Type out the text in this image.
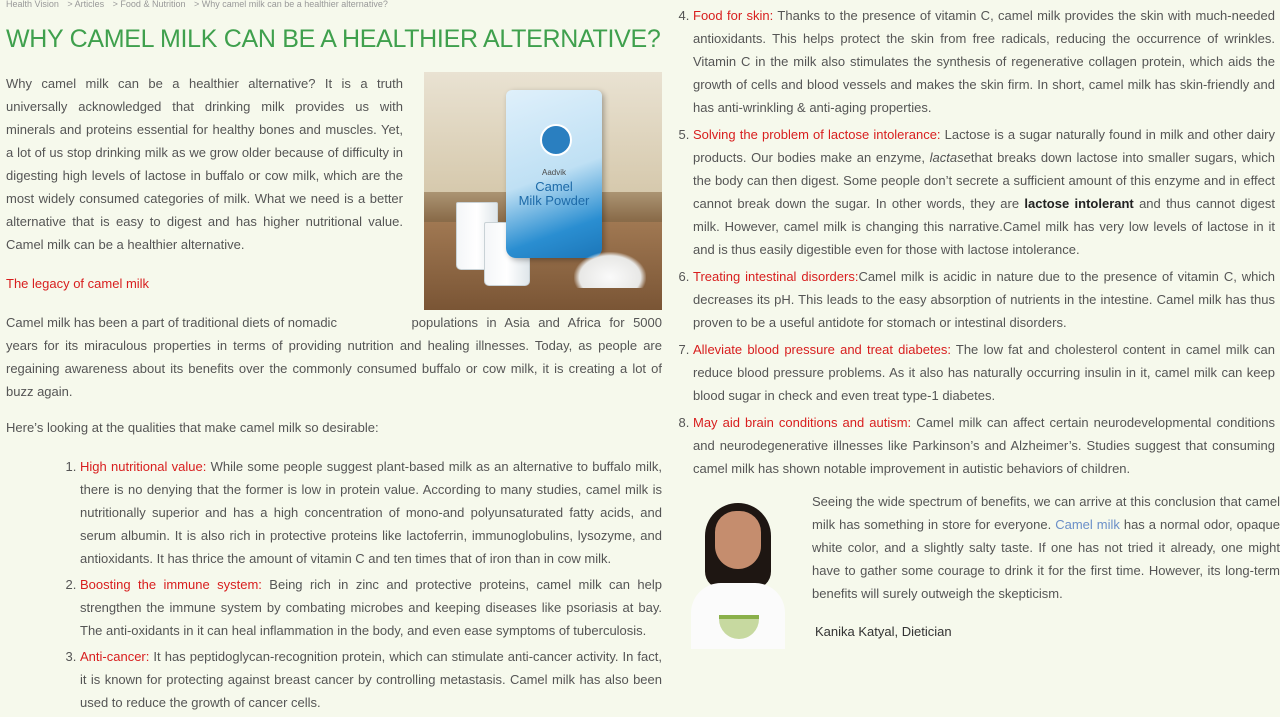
Health Vision > Articles > Food & Nutrition > Why camel milk can be a healthier alternative?
WHY CAMEL MILK CAN BE A HEALTHIER ALTERNATIVE?

Why camel milk can be a healthier alternative? It is a truth universally acknowledged that drinking milk provides us with minerals and proteins essential for healthy bones and muscles. Yet, a lot of us stop drinking milk as we grow older because of difficulty in digesting high levels of lactose in buffalo or cow milk, which are the most widely consumed categories of milk. What we need is a better alternative that is easy to digest and has higher nutritional value. Camel milk can be a healthier alternative.

Aadvik
Camel
Milk Powder
The legacy of camel milk

Camel milk has been a part of traditional diets of nomadic	populations in Asia and Africa for 5000 years for its miraculous properties in terms of providing nutrition and healing illnesses. Today, as people are regaining awareness about its benefits over the commonly consumed buffalo or cow milk, it is creating a lot of buzz again.

Here’s looking at the qualities that make camel milk so desirable:
1. High nutritional value: While some people suggest plant-based milk as an alternative to buffalo milk, there is no denying that the former is low in protein value. According to many studies, camel milk is nutritionally superior and has a high concentration of mono-and polyunsaturated fatty acids, and serum albumin. It is also rich in protective proteins like lactoferrin, immunoglobulins, lysozyme, and antioxidants. It has thrice the amount of vitamin C and ten times that of iron than in cow milk.
2. Boosting the immune system: Being rich in zinc and protective proteins, camel milk can help strengthen the immune system by combating microbes and keeping diseases like psoriasis at bay. The anti-oxidants in it can heal inflammation in the body, and even ease symptoms of tuberculosis.
3. Anti-cancer: It has peptidoglycan-recognition protein, which can stimulate anti-cancer activity. In fact, it is known for protecting against breast cancer by controlling metastasis. Camel milk has also been used to reduce the growth of cancer cells.
4. Food for skin: Thanks to the presence of vitamin C, camel milk provides the skin with much-needed antioxidants. This helps protect the skin from free radicals, reducing the occurrence of wrinkles. Vitamin C in the milk also stimulates the synthesis of regenerative collagen protein, which aids the growth of cells and blood vessels and makes the skin firm. In short, camel milk has skin-friendly and has anti-wrinkling & anti-aging properties.
5. Solving the problem of lactose intolerance: Lactose is a sugar naturally found in milk and other dairy products. Our bodies make an enzyme, lactasethat breaks down lactose into smaller sugars, which the body can then digest. Some people don’t secrete a sufficient amount of this enzyme and in effect cannot break down the sugar. In other words, they are lactose intolerant and thus cannot digest milk. However, camel milk is changing this narrative.Camel milk has very low levels of lactose in it and is thus easily digestible even for those with lactose intolerance.
6. Treating intestinal disorders:Camel milk is acidic in nature due to the presence of vitamin C, which decreases its pH. This leads to the easy absorption of nutrients in the intestine. Camel milk has thus proven to be a useful antidote for stomach or intestinal disorders.
7. Alleviate blood pressure and treat diabetes: The low fat and cholesterol content in camel milk can reduce blood pressure problems. As it also has naturally occurring insulin in it, camel milk can keep blood sugar in check and even treat type-1 diabetes.
8. May aid brain conditions and autism: Camel milk can affect certain neurodevelopmental conditions and neurodegenerative illnesses like Parkinson’s and Alzheimer’s. Studies suggest that consuming camel milk has shown notable improvement in autistic behaviors of children.

Seeing the wide spectrum of benefits, we can arrive at this conclusion that camel milk has something in store for everyone. Camel milk has a normal odor, opaque white color, and a slightly salty taste. If one has not tried it already, one might have to gather some courage to drink it for the first time. However, its long-term benefits will surely outweigh the skepticism.

Kanika Katyal, Dietician
